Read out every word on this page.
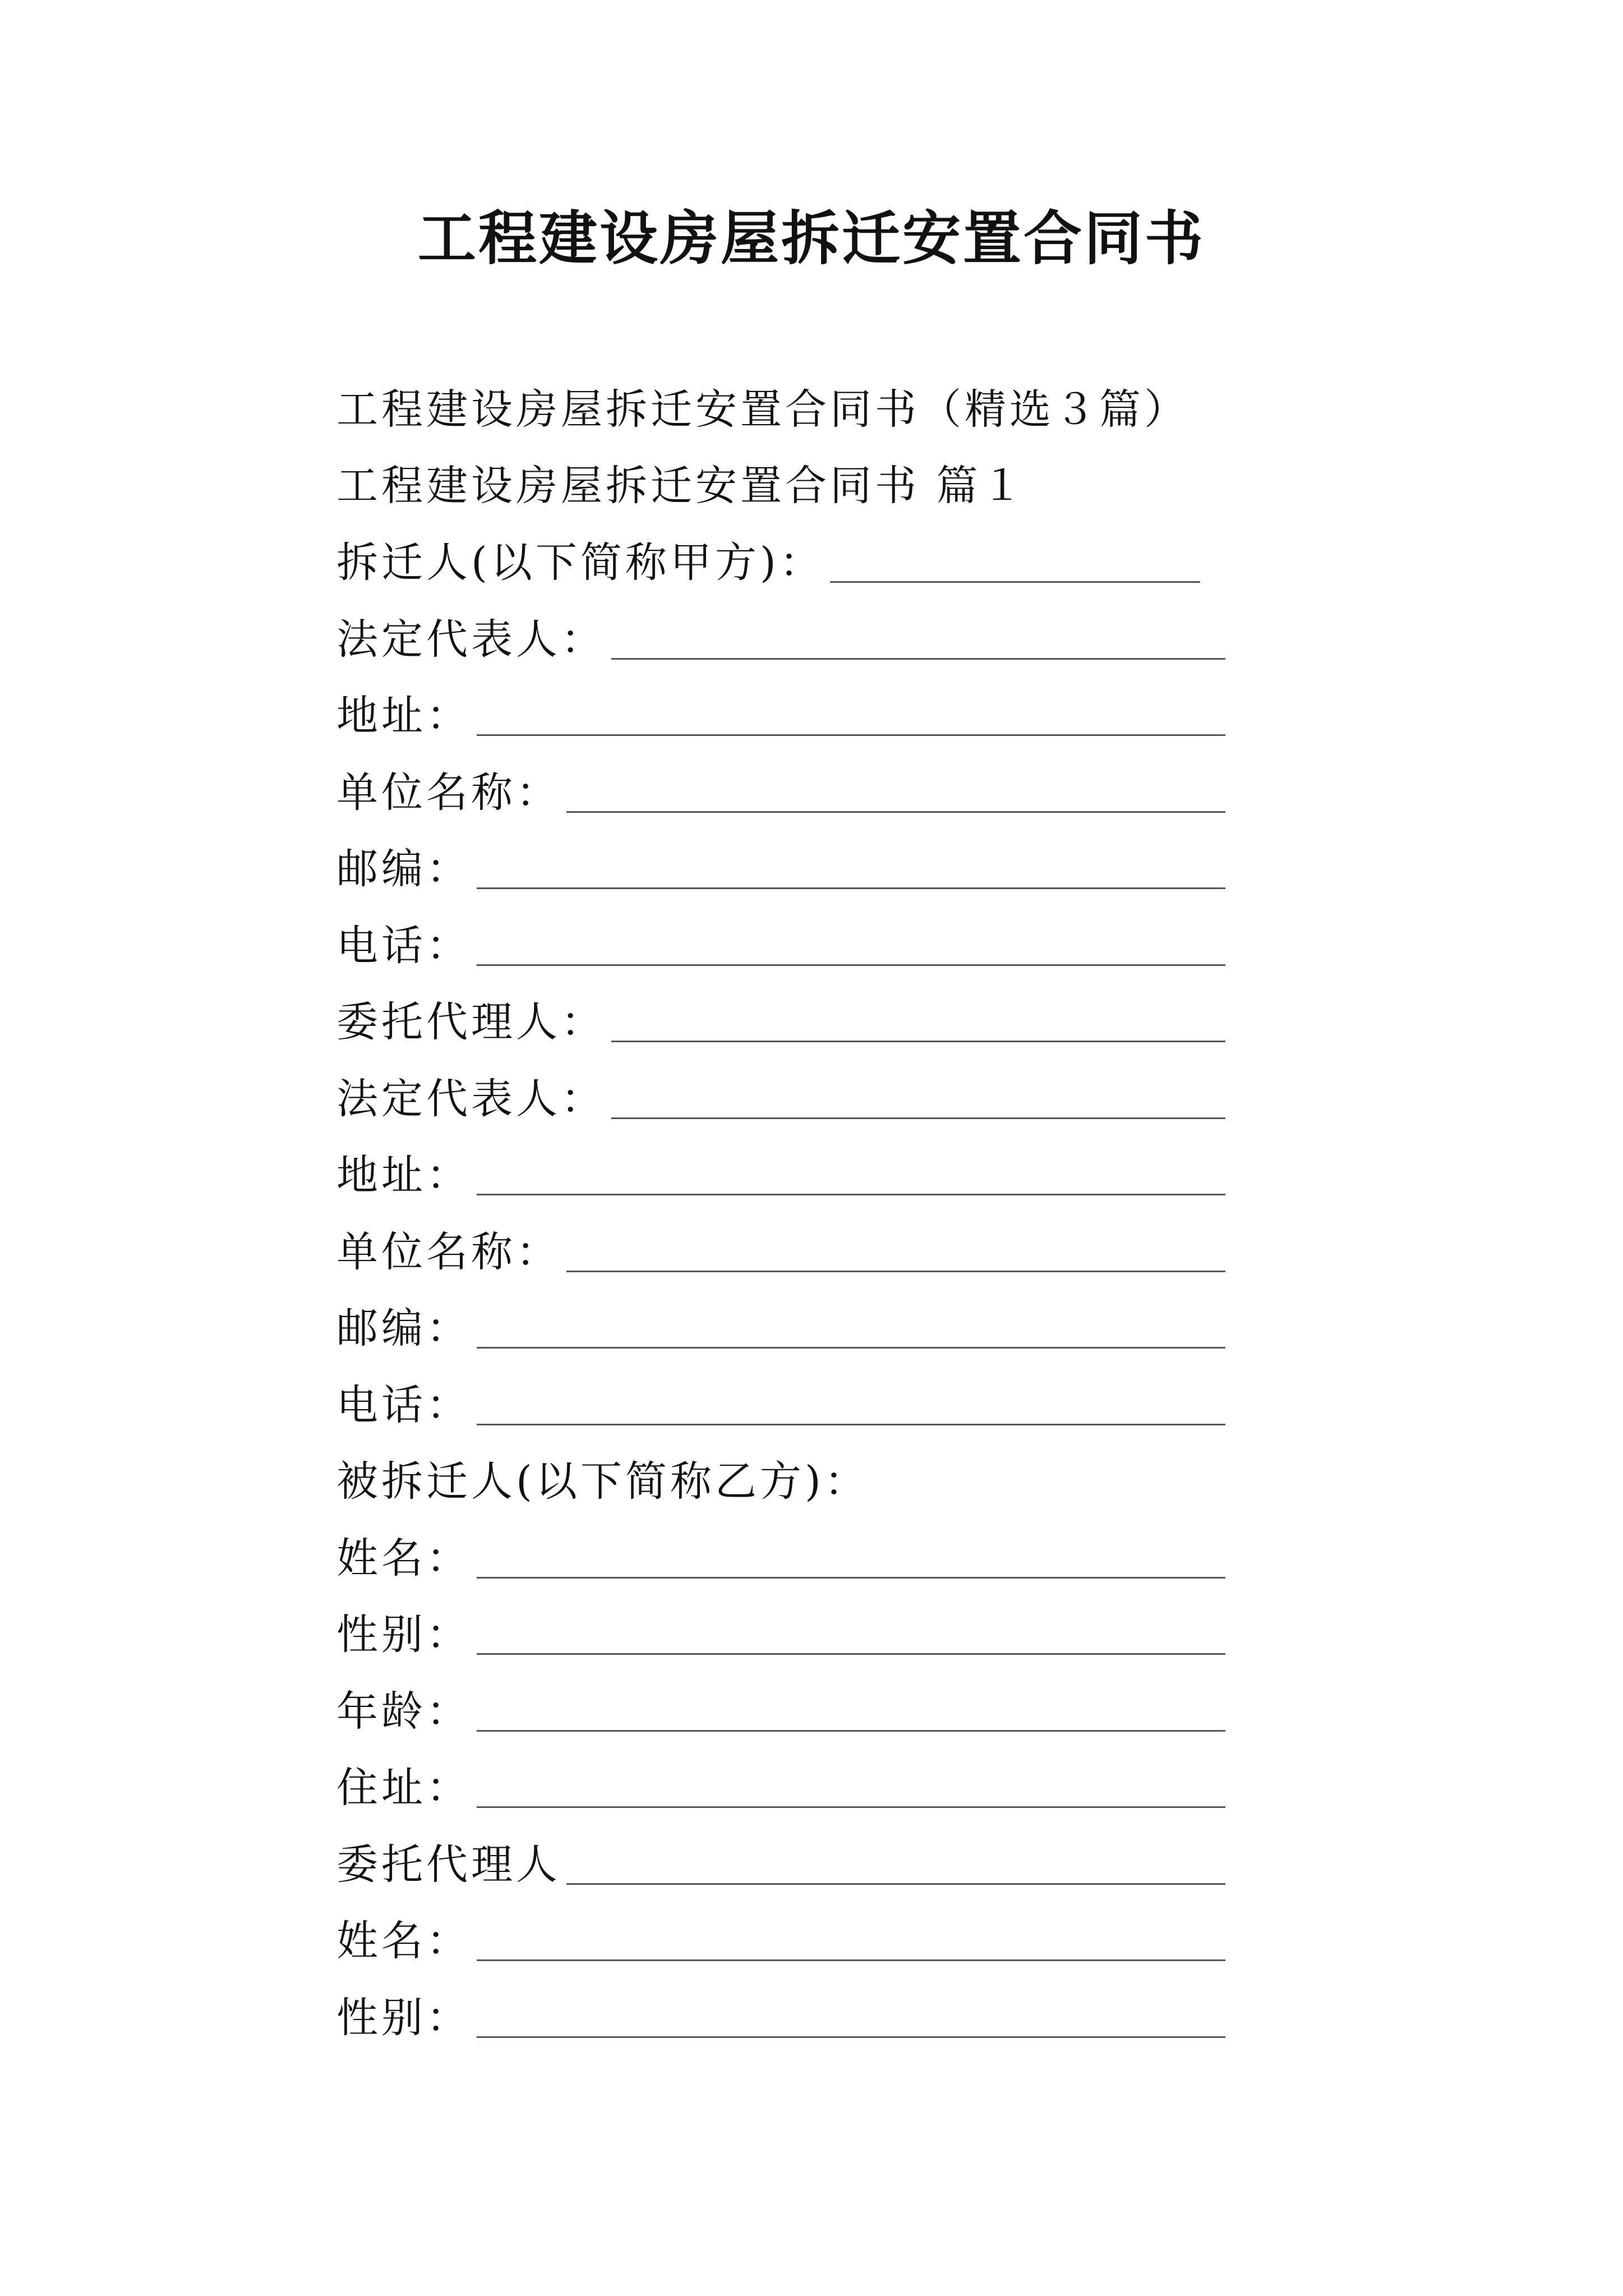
工程建设房屋拆迁安置合同书
工程建设房屋拆迁安置合同书（精选３篇）
工程建设房屋拆迁安置合同书 篇１
拆迁人(以下简称甲方)：
法定代表人：
地址：
单位名称：
邮编：
电话：
委托代理人：
法定代表人：
地址：
单位名称：
邮编：
电话：
被拆迁人(以下简称乙方)：
姓名：
性别：
年龄：
住址：
委托代理人
姓名：
性别：
